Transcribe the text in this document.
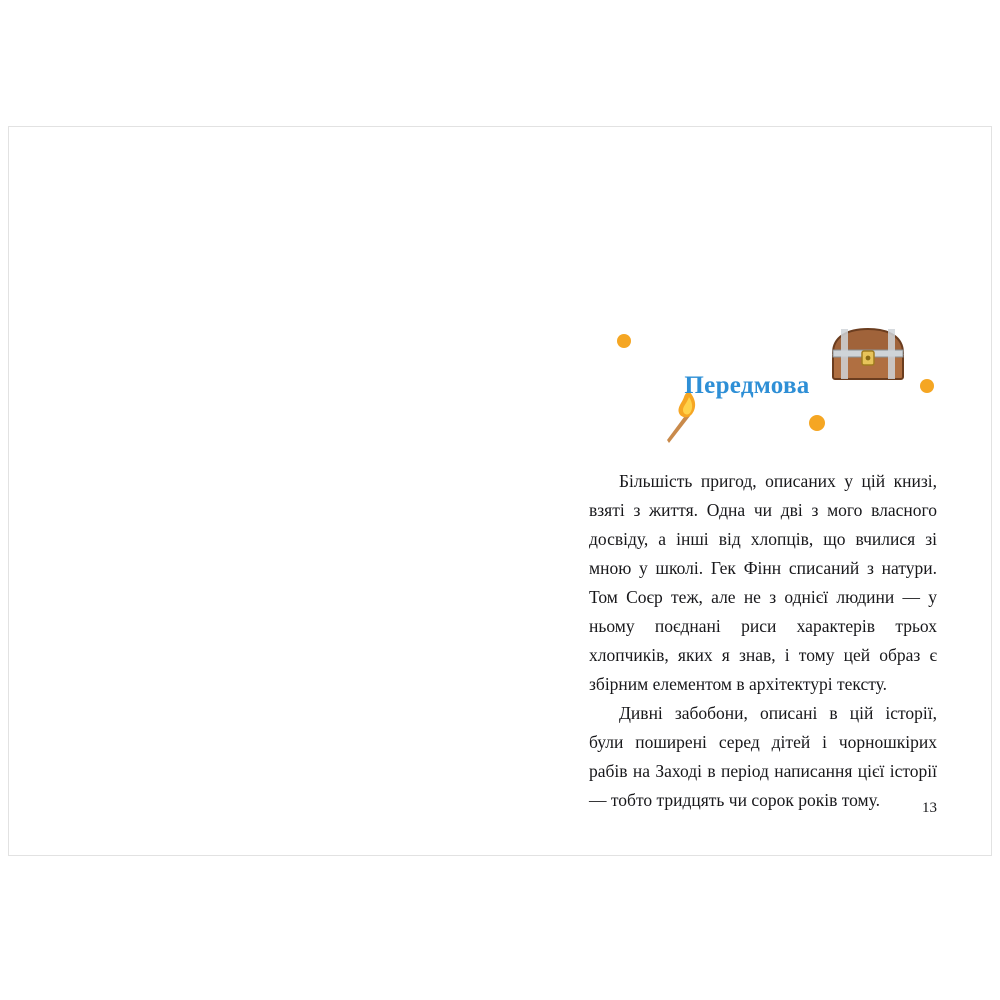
Передмова

Більшість пригод, описаних у цій книзі, взяті з життя. Одна чи дві з мого власного досвіду, а інші від хлопців, що вчилися зі мною у школі. Гек Фінн списаний з натури. Том Соєр теж, але не з однієї людини — у ньому поєднані риси характерів трьох хлопчиків, яких я знав, і тому цей образ є збірним елементом в архітектурі тексту.

Дивні забобони, описані в цій історії, були поширені серед дітей і чорношкірих рабів на Заході в період написання цієї історії — тобто тридцять чи сорок років тому.	13
